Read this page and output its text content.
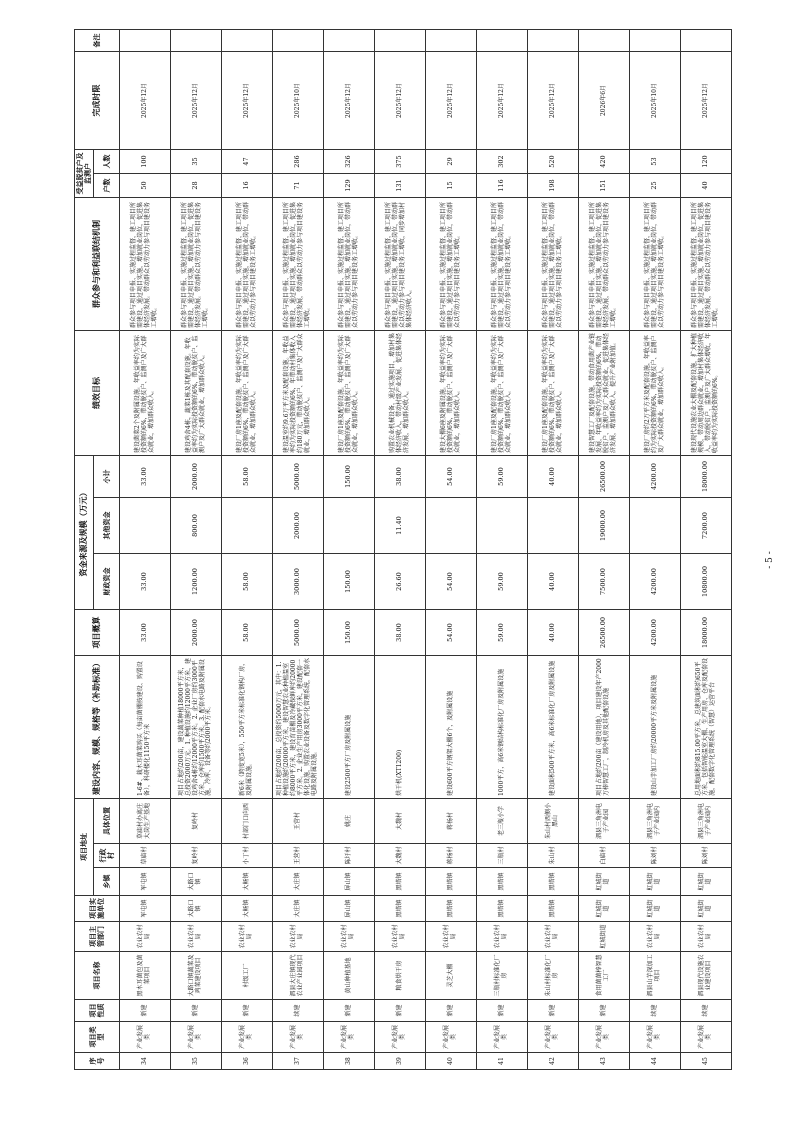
序号	项目类型	项目性质	项目名称	项目主管部门	项目实施单位	项目地址			建设内容、规模、规格等（补助标准）	项目概算	资金来源及规模（万元）			绩效目标	群众参与和利益联结机制	受益脱贫户及监测户		完成时限	备注
						乡镇	行政村	具体位置			财政资金	其他资金	小计			户数	人数		
34	产业发展类	新建	黑木耳菌包及菌菜项目	农业农村局	军屯镇	军屯镇	草庙村	草庙村办离庄大岗生产基地	1-6#、栽木耳菌菜购买（每亩菌棚按建设、购置设备），科研楼化1150平方米	33.00	33.00		33.00	建设菌菜2个及附属设施。年收益率约为实际投资额的6%，带动脱贫户、监测户及广大群众就业，增加群众收入。	群众参与项目申报、实施过程监督，建工项目所需建设，通过项目实施，增加就业岗位，促进集体经济发展。带动群众以劳动力参与项目建设务工增收。	50	100	2025年12月	
35	产业发展类	新建	大路口镇蔬菜及鸡菜建设项目	农业农村局	大路口镇	大路口镇	复岭村	复岭村	项目占地约200亩，建设蔬菜种植18000平方米，总投资2000万元。1. 种植设施约12000平方米，建设鸡舍4栋约12000平方米。2. 企业厂房约3000平方米，仓库约1500平方米。3. 配套水电路及附属设施，冷库、设备等约2000平方米。	2000.00	1200.00	800.00	2000.00	建设鸡舍4栋，蔬菜1栋及其配套设施。年收益率约为实际投资额的6%，带动脱贫户、监测户及广大群众就业，增加群众收入。	群众参与项目申报、实施过程监督，建工项目所需建设，通过项目实施，增加就业岗位，促进集体经济发展。带动群众以劳动力参与项目建设务工增收。	28	35	2025年12月	
36	产业发展类	新建	村级工厂	农业农村局	大畅镇	大畅镇	小丁村	村部门口向西	新6米（跨度宽5米），550平方米标准化钢构厂房，及附属设施。	58.00	58.00		58.00	建设厂房1座及配套设施。年收益率约为实际投资额的6%，带动脱贫户、监测户及广大群众就业，增加群众收入。	群众参与项目申报、实施过程监督，建工项目所需建设，通过项目实施，增加就业岗位，带动群众以劳动力参与项目建设务工增收。	16	47	2025年12月	
37	产业发展类	续建	泗县大庄镇现代农业产业园项目	农业农村局	大庄镇	大庄镇	王营村	王营村	项目占地约200亩，总投资约5000万元，其中：1. 种植设施约20000平方米，建设智慧农业种植温室约8000平方米，建设育苗棚及冷藏保鲜库约20000平方米。2. 企业生产用房3000平方米，建设配套一体化设施，购置农业设备及数字化管理系统，配套水电路及附属设施。	5000.00	3000.00	2000.00	5000.00	建设温室约9.6万平方米及配套设施。年收益率约为实际投资额的6%，年带动村集体收入约180万元，带动脱贫户、监测户及广大群众就业，增加群众收入。	群众参与项目申报、实施过程监督，建工项目所需建设，通过项目实施，增加就业岗位，促进集体经济发展，带动群众以劳动力参与项目建设务工增收。	71	286	2025年10月	
38	产业发展类	新建	黄山种植基地	农业农村局	屏山镇	屏山镇	陈圩村	姚庄	建设2500平方厂房及附属设施	150.00	150.00		150.00	建设厂房1座及配套设施。年收益率约为实际投资额的6%，带动脱贫户、监测户及广大群众就业，增加群众收入。	群众参与项目申报、实施过程监督，建工项目所需建设，通过项目实施，增加就业岗位，带动群众以劳动力参与项目建设务工增收。	129	326	2025年12月	
39	产业发展类	新建	粮食烘干房	农业农村局	黑塔镇	黑塔镇	大魏村	大魏村	烘干机(XT1200)	38.00	26.60	11.40	38.00	购置农业机械设备，通过实施项目，增加村集体经济收入，带动村级产业发展，促进集体经济发展，增加群众收入。	群众参与项目申报、实施过程监督，建工项目所需建设，通过项目实施，增加就业岗位，带动群众以劳动力参与项目建设务工增收，同步增加村集体经济收入。	131	375	2025年12月	
40	产业发展类	新建	灵芝大棚	农业农村局	黑塔镇	黑塔镇	蒋杨村	蒋杨村	建设600平方钢架大棚6个，及附属设施	54.00	54.00		54.00	建设大棚6座及附属设施。年收益率约为实际投资额的6%，带动脱贫户、监测户及广大群众就业，增加群众收入。	群众参与项目申报、实施过程监督，建工项目所需建设，通过项目实施，增加就业岗位，带动群众以劳动力参与项目建设务工增收。	15	29	2025年12月	
41	产业发展类	新建	三瓶村标准化厂房	农业农村局	黑塔镇	黑塔镇	三瓶村	老三瓶小学	1000平方，高6米钢结构标准化厂房及附属设施	59.00	59.00		59.00	建设厂房1座及配套设施。年收益率约为实际投资额的6%，带动脱贫户、监测户及广大群众就业，增加群众收入。	群众参与项目申报、实施过程监督，建工项目所需建设，通过项目实施，增加就业岗位，带动群众以劳动力参与项目建设务工增收。	116	302	2025年12月	
42	产业发展类	新建	朱山村标准化厂房	农业农村局	黑塔镇	黑塔镇	朱山村	朱山村西侧小黑山	建设面积500平方米，高6米标准化厂房及附属设施	40.00	40.00		40.00	建设厂房1座及配套设施。年收益率约为实际投资额的6%，带动脱贫户、监测户及广大群众就业，增加群众收入。	群众参与项目申报、实施过程监督，建工项目所需建设，通过项目实施，增加就业岗位，带动群众以劳动力参与项目建设务工增收。	198	520	2025年12月	
43	产业发展类	新建	食用菌菌棒智慧工厂	虹城街道	虹城街道	虹城街道	白庙村	泗县三角洲电子产业园	项目占地约200亩（建设用地），项目建设年产2000万棒智慧工厂，制冷机房及其他配套设施	26500.00	7500.00	19000.00	26500.00	建设智慧工厂及配套设施，带动食用菌产业链发展，年收益率约为实际投资额的6%，带动脱贫户、监测户及广大群众就业，促进集体经济发展，增加群众收入，提升产业附加值。	群众参与项目申报、实施过程监督，建工项目所需建设，通过项目实施，增加就业岗位，促进集体经济发展，带动群众以劳动力参与项目建设务工增收。	151	420	2026年6月	
44	产业发展类	续建	泗县山芋深加工项目	农业农村局	虹城街道	虹城街道	陈刘村	泗县三角洲电子产业园内	建设山芋加工厂房约20000平方米及附属设施	4200.00	4200.00		4200.00	建设厂房约2万平方米及配套设施，年收益率约为实际投资额的6%，带动脱贫户、监测户及广大群众就业，增加群众收入。	群众参与项目申报、实施过程监督，建工项目所需建设，通过项目实施，增加就业岗位，带动群众以劳动力参与项目建设务工增收。	25	53	2025年10月	
45	产业发展类	续建	泗县现代设施农业建设项目	农业农村局	虹城街道	虹城街道	陈刘村	泗县三角洲电子产业园内	总用地面积约815.00平方米，总建筑面积约650平方米，包括智能温室大棚、生产用房、仓库及配套设施，配套数字化管理系统（智慧）运营平台	18000.00	10800.00	7200.00	18000.00	建设现代设施农业大棚及配套设施，扩大种植规模，带动周边群众就业，增加村集体经济收入，带动脱贫户、监测户及广大群众增收，年收益率约为实际投资额的6%。	群众参与项目申报、实施过程监督，建工项目所需建设，通过项目实施，增加就业岗位，促进集体经济发展，带动群众以劳动力参与项目建设务工增收。	40	120	2025年12月	
- 5 -
